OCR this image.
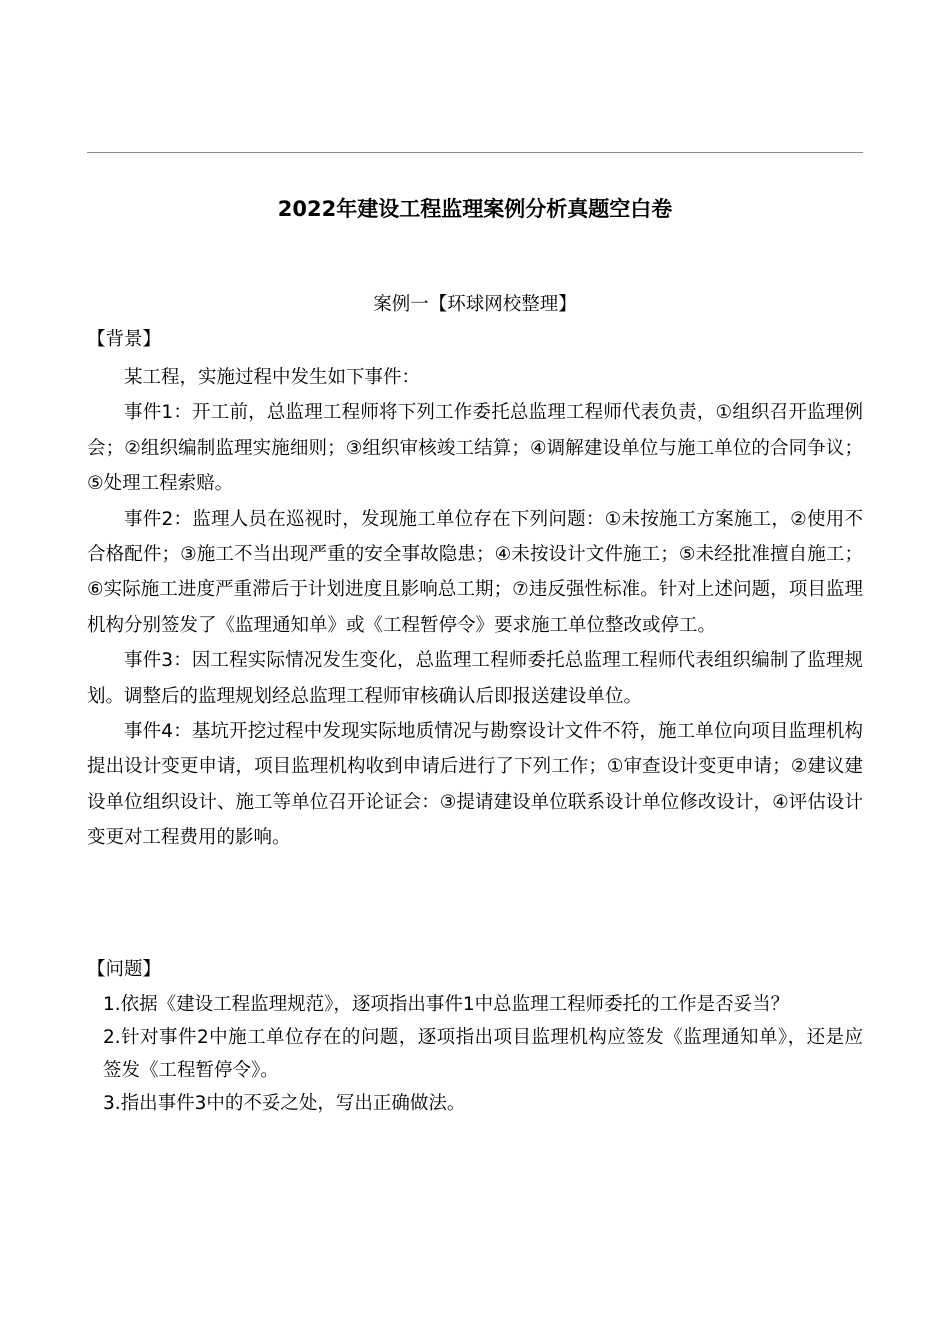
2022年建设工程监理案例分析真题空白卷
案例一【环球网校整理】
【背景】

某工程，实施过程中发生如下事件：

事件1：开工前，总监理工程师将下列工作委托总监理工程师代表负责，①组织召开监理例会；②组织编制监理实施细则；③组织审核竣工结算；④调解建设单位与施工单位的合同争议；⑤处理工程索赔。

事件2：监理人员在巡视时，发现施工单位存在下列问题：①未按施工方案施工，②使用不合格配件；③施工不当出现严重的安全事故隐患；④未按设计文件施工；⑤未经批准擅自施工；⑥实际施工进度严重滞后于计划进度且影响总工期；⑦违反强性标准。针对上述问题，项目监理机构分别签发了《监理通知单》或《工程暂停令》要求施工单位整改或停工。

事件3：因工程实际情况发生变化，总监理工程师委托总监理工程师代表组织编制了监理规划。调整后的监理规划经总监理工程师审核确认后即报送建设单位。

事件4：基坑开挖过程中发现实际地质情况与勘察设计文件不符，施工单位向项目监理机构提出设计变更申请，项目监理机构收到申请后进行了下列工作；①审查设计变更申请；②建议建设单位组织设计、施工等单位召开论证会：③提请建设单位联系设计单位修改设计，④评估设计变更对工程费用的影响。

【问题】

1.依据《建设工程监理规范》，逐项指出事件1中总监理工程师委托的工作是否妥当？

2.针对事件2中施工单位存在的问题，逐项指出项目监理机构应签发《监理通知单》，还是应签发《工程暂停令》。

3.指出事件3中的不妥之处，写出正确做法。
